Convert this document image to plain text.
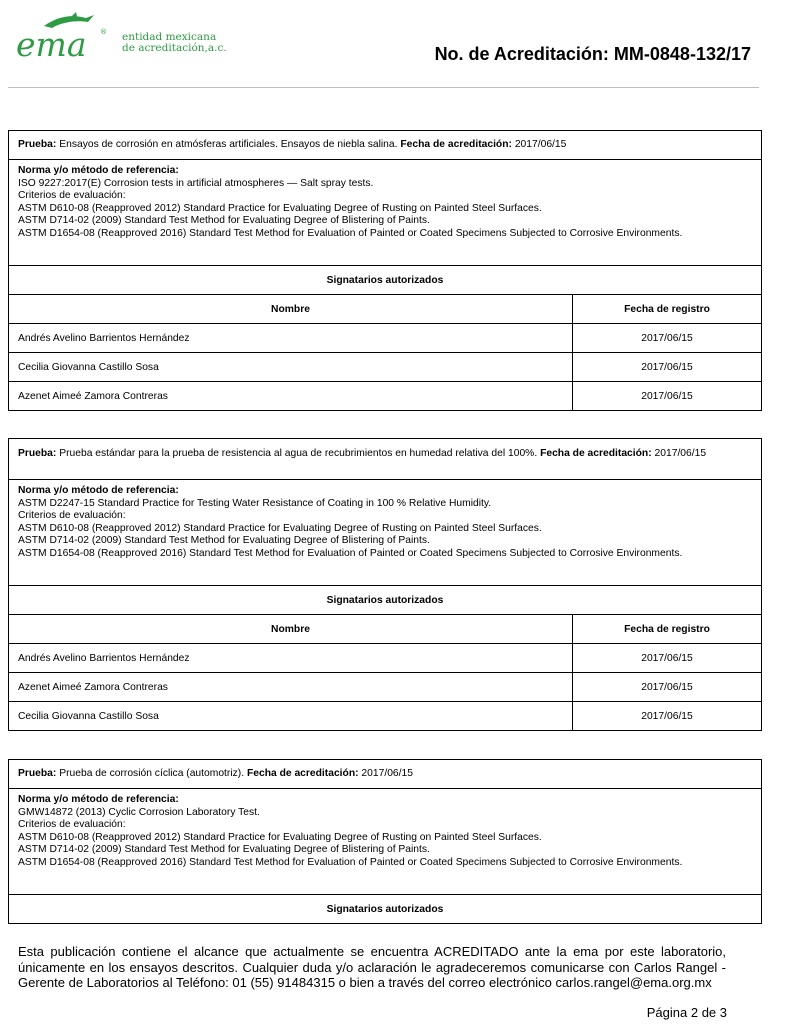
ema ® entidad mexicana
de acreditación,a.c.	No. de Acreditación: MM-0848-132/17
Prueba: Ensayos de corrosión en atmósferas artificiales. Ensayos de niebla salina. Fecha de acreditación: 2017/06/15
Norma y/o método de referencia:
ISO 9227:2017(E) Corrosion tests in artificial atmospheres — Salt spray tests.
Criterios de evaluación:
ASTM D610-08 (Reapproved 2012) Standard Practice for Evaluating Degree of Rusting on Painted Steel Surfaces.
ASTM D714-02 (2009) Standard Test Method for Evaluating Degree of Blistering of Paints.
ASTM D1654-08 (Reapproved 2016) Standard Test Method for Evaluation of Painted or Coated Specimens Subjected to Corrosive Environments.
Signatarios autorizados
Nombre	Fecha de registro
Andrés Avelino Barrientos Hernández	2017/06/15
Cecilia Giovanna Castillo Sosa	2017/06/15
Azenet Aimeé Zamora Contreras	2017/06/15
Prueba: Prueba estándar para la prueba de resistencia al agua de recubrimientos en humedad relativa del 100%. Fecha de acreditación: 2017/06/15
Norma y/o método de referencia:
ASTM D2247-15 Standard Practice for Testing Water Resistance of Coating in 100 % Relative Humidity.
Criterios de evaluación:
ASTM D610-08 (Reapproved 2012) Standard Practice for Evaluating Degree of Rusting on Painted Steel Surfaces.
ASTM D714-02 (2009) Standard Test Method for Evaluating Degree of Blistering of Paints.
ASTM D1654-08 (Reapproved 2016) Standard Test Method for Evaluation of Painted or Coated Specimens Subjected to Corrosive Environments.
Signatarios autorizados
Nombre	Fecha de registro
Andrés Avelino Barrientos Hernández	2017/06/15
Azenet Aimeé Zamora Contreras	2017/06/15
Cecilia Giovanna Castillo Sosa	2017/06/15
Prueba: Prueba de corrosión cíclica (automotriz). Fecha de acreditación: 2017/06/15
Norma y/o método de referencia:
GMW14872 (2013) Cyclic Corrosion Laboratory Test.
Criterios de evaluación:
ASTM D610-08 (Reapproved 2012) Standard Practice for Evaluating Degree of Rusting on Painted Steel Surfaces.
ASTM D714-02 (2009) Standard Test Method for Evaluating Degree of Blistering of Paints.
ASTM D1654-08 (Reapproved 2016) Standard Test Method for Evaluation of Painted or Coated Specimens Subjected to Corrosive Environments.
Signatarios autorizados
Esta publicación contiene el alcance que actualmente se encuentra ACREDITADO ante la ema por este laboratorio, únicamente en los ensayos descritos. Cualquier duda y/o aclaración le agradeceremos comunicarse con Carlos Rangel - Gerente de Laboratorios al Teléfono: 01 (55) 91484315 o bien a través del correo electrónico carlos.rangel@ema.org.mx
Página 2 de 3
